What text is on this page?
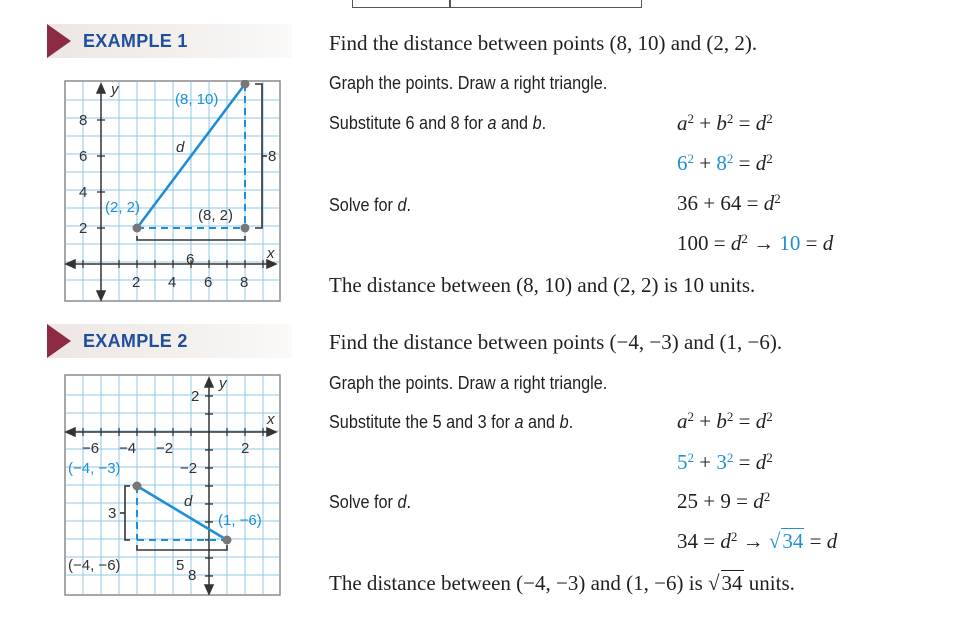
EXAMPLE 1
y
x
8
6
4
2
2 4 6 8
8
6
(8, 10)
(2, 2)	(8, 2)
d
Find the distance between points (8, 10) and (2, 2).
Graph the points. Draw a right triangle.
Substitute 6 and 8 for a and b.
Solve for d.
$a^2 + b^2 = d^2$
$6^2 + 8^2 = d^2$
$36 + 64 = d^2$
$100 = d^2 \to 10 = d$
The distance between (8, 10) and (2, 2) is 10 units.
EXAMPLE 2
y
x
2
−2
−6 −4 −2	2
3
5
8
(−4, −3)
(1, −6)
(−4, −6)
d
Find the distance between points (−4, −3) and (1, −6).
Graph the points. Draw a right triangle.
Substitute the 5 and 3 for a and b.
Solve for d.
$a^2 + b^2 = d^2$
$5^2 + 3^2 = d^2$
$25 + 9 = d^2$
$34 = d^2 \to √34 = d$
The distance between (−4, −3) and (1, −6) is √34 units.
